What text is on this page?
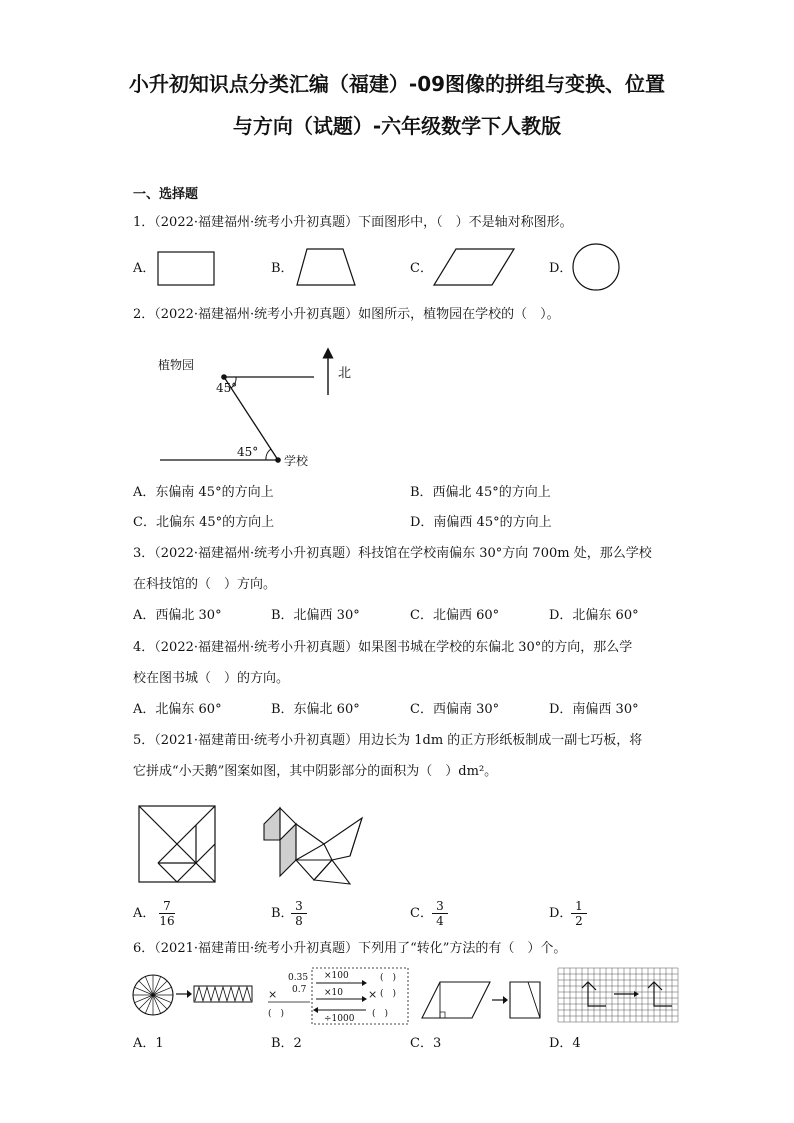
小升初知识点分类汇编（福建）-09图像的拼组与变换、位置
与方向（试题）-六年级数学下人教版
一、选择题
1．（2022·福建福州·统考小升初真题）下面图形中，（　）不是轴对称图形。
A．	B．	C．	D．
2．（2022·福建福州·统考小升初真题）如图所示，植物园在学校的（　）。
植物园
45°
45°
学校
北
A．东偏南 45°的方向上	B．西偏北 45°的方向上
C．北偏东 45°的方向上	D．南偏西 45°的方向上
3．（2022·福建福州·统考小升初真题）科技馆在学校南偏东 30°方向 700m 处，那么学校
在科技馆的（　）方向。
A．西偏北 30°	B．北偏西 30°	C．北偏西 60°	D．北偏东 60°
4．（2022·福建福州·统考小升初真题）如果图书城在学校的东偏北 30°的方向，那么学
校在图书城（　）的方向。
A．北偏东 60°	B．东偏北 60°	C．西偏南 30°	D．南偏西 30°
5．（2021·福建莆田·统考小升初真题）用边长为 1dm 的正方形纸板制成一副七巧板，将
它拼成“小天鹅”图案如图，其中阴影部分的面积为（　）dm²。
A． $\frac{7}{16}$	B．
$\frac{3}{8}$	C． $\frac{3}{4}$	D．
$\frac{1}{2}$
6．（2021·福建莆田·统考小升初真题）下列用了“转化”方法的有（　）个。
0.35
0.7
×
(　)
×100
×10 ×
(　)
(　)
÷1000 (　)
A．1	B．2	C．3	D．4
